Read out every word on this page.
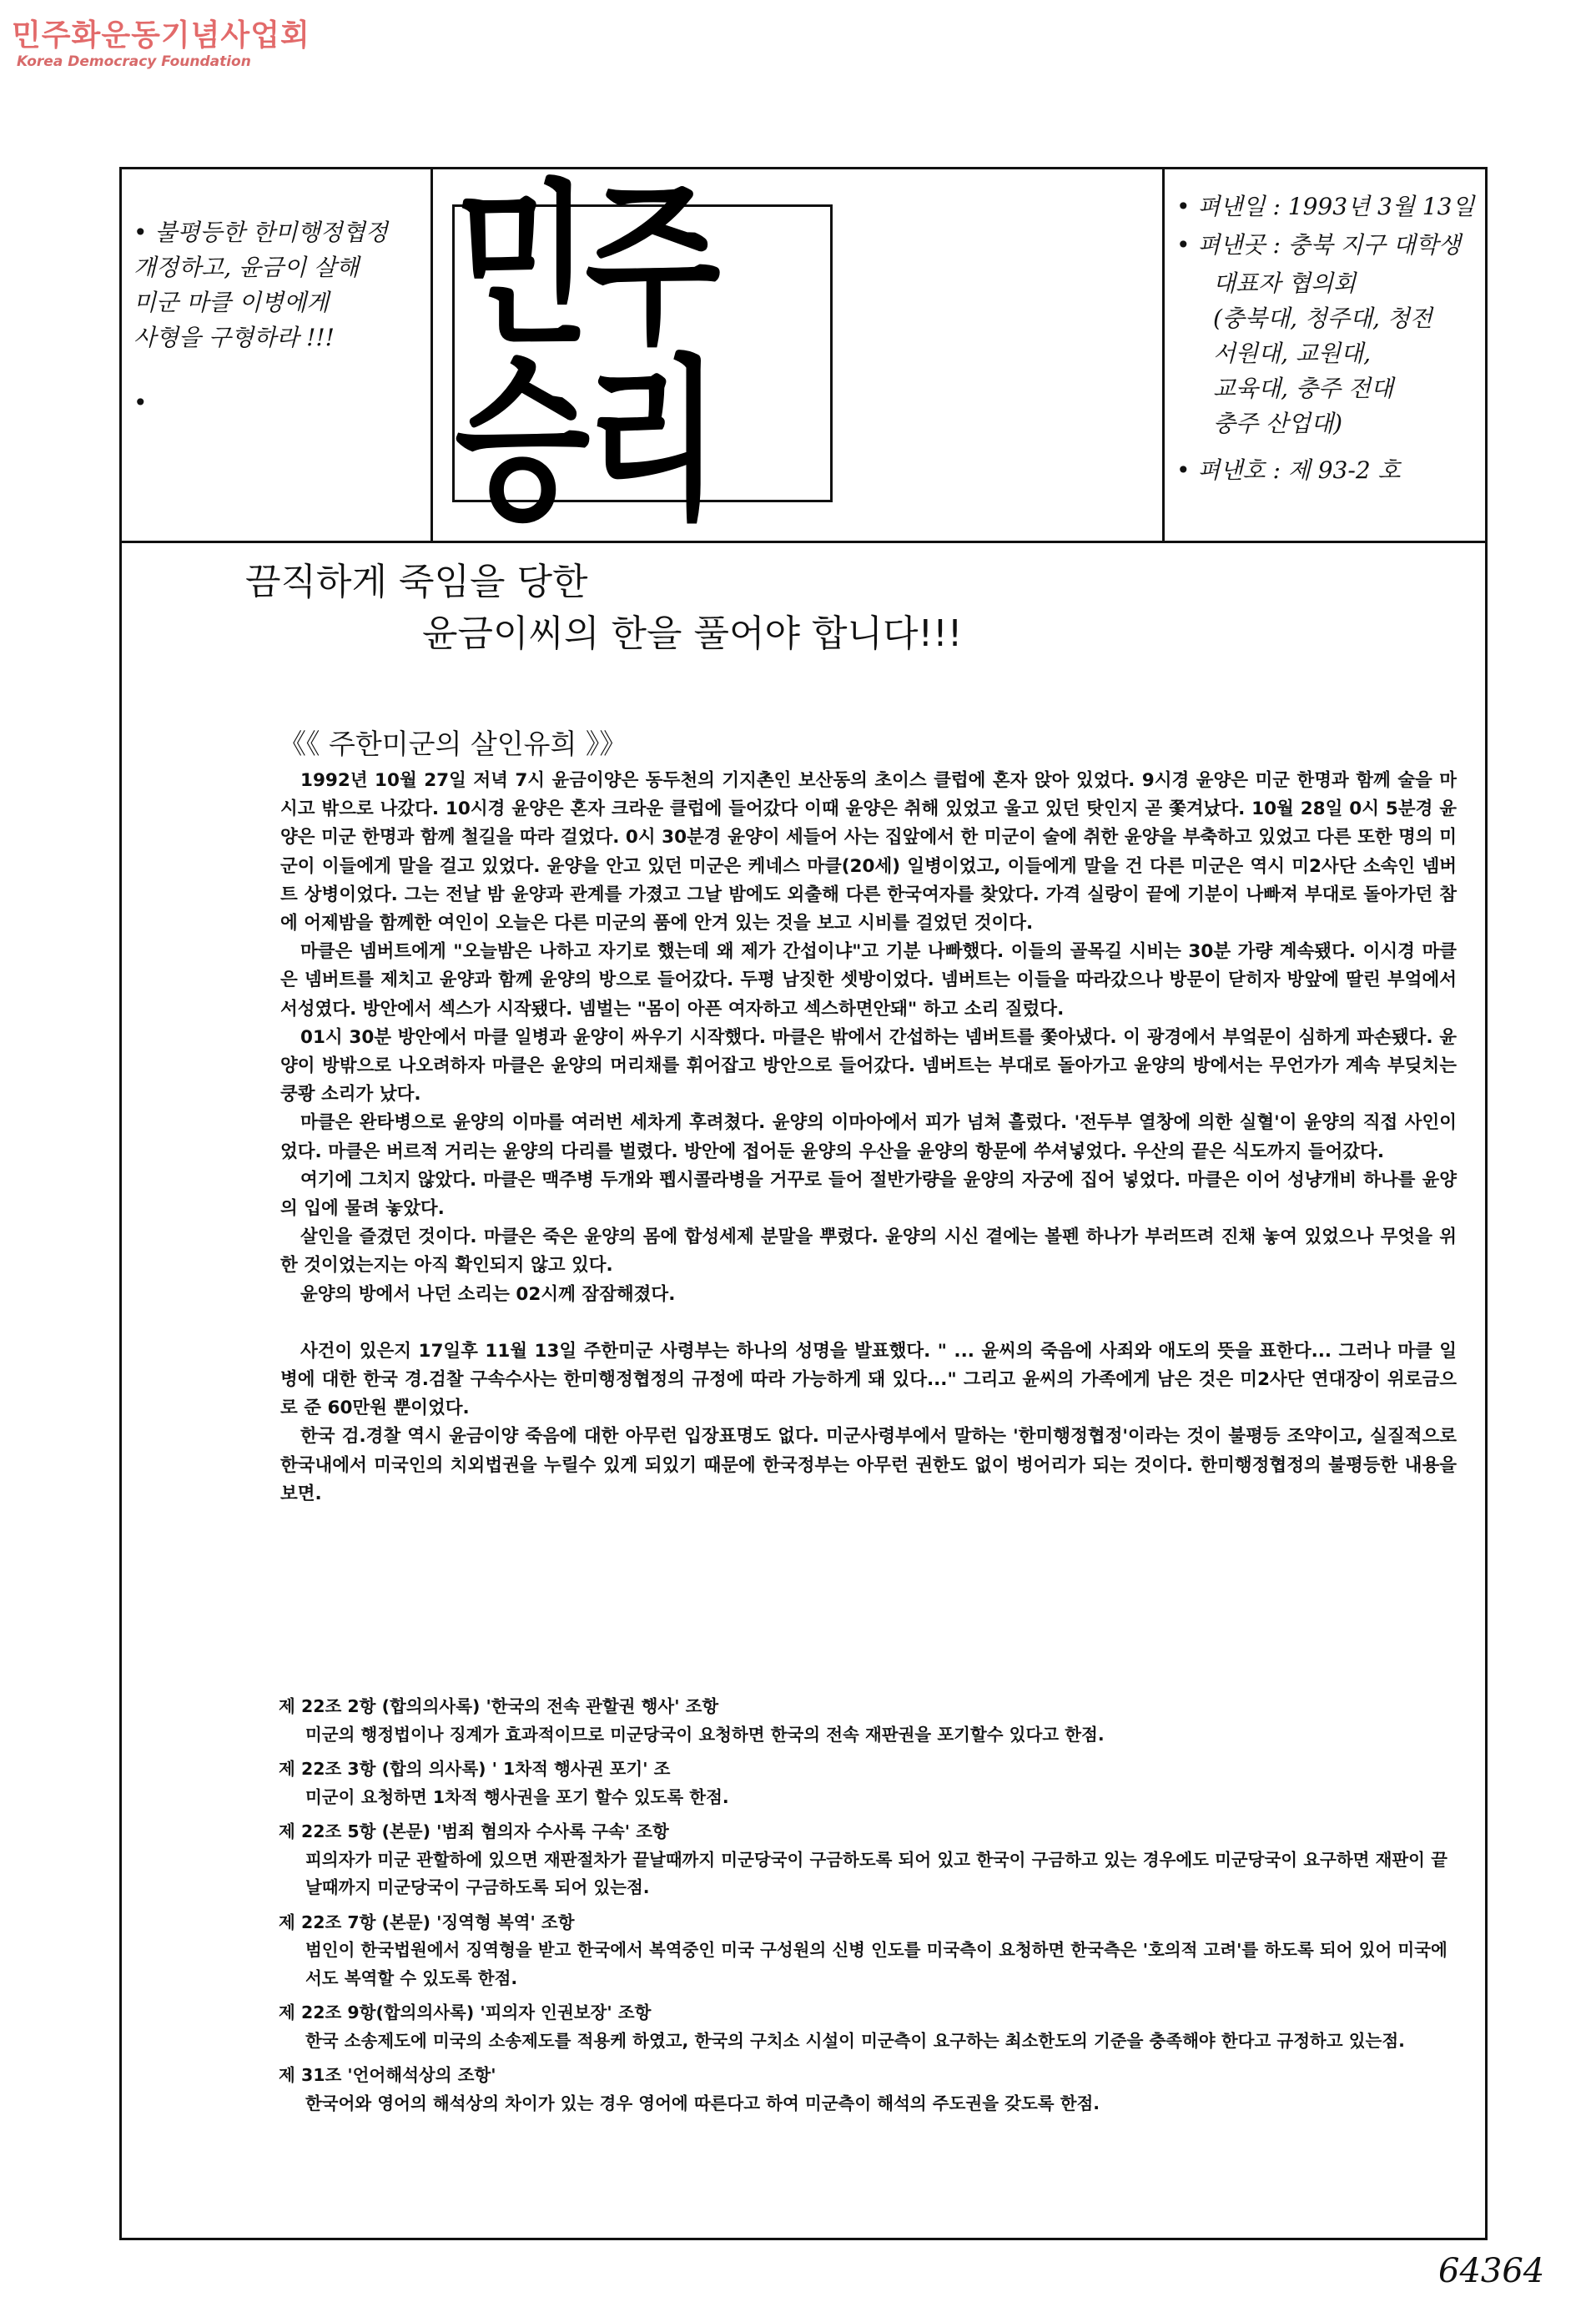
민주화운동기념사업회
Korea Democracy Foundation
• 불평등한 한미행정협정
개정하고, 윤금이 살해
미군 마클 이병에게
사형을 구형하라 !!!
•
민주승리
• 펴낸일 : 1993년 3월 13일
• 펴낸곳 : 충북 지구 대학생
대표자 협의회
(충북대, 청주대, 청전
서원대, 교원대,
교육대, 충주 전대
충주 산업대)
• 펴낸호 : 제 93-2 호
끔직하게 죽임을 당한
윤금이씨의 한을 풀어야 합니다!!!
《《 주한미군의 살인유희 》》

1992년 10월 27일 저녁 7시 윤금이양은 동두천의 기지촌인 보산동의 초이스 클럽에 혼자 앉아 있었다. 9시경 윤양은 미군 한명과 함께 술을 마시고 밖으로 나갔다. 10시경 윤양은 혼자 크라운 클럽에 들어갔다 이때 윤양은 취해 있었고 울고 있던 탓인지 곧 쫓겨났다. 10월 28일 0시 5분경 윤양은 미군 한명과 함께 철길을 따라 걸었다. 0시 30분경 윤양이 세들어 사는 집앞에서 한 미군이 술에 취한 윤양을 부축하고 있었고 다른 또한 명의 미군이 이들에게 말을 걸고 있었다. 윤양을 안고 있던 미군은 케네스 마클(20세) 일병이었고, 이들에게 말을 건 다른 미군은 역시 미2사단 소속인 넴버트 상병이었다. 그는 전날 밤 윤양과 관계를 가졌고 그날 밤에도 외출해 다른 한국여자를 찾았다. 가격 실랑이 끝에 기분이 나빠져 부대로 돌아가던 참에 어제밤을 함께한 여인이 오늘은 다른 미군의 품에 안겨 있는 것을 보고 시비를 걸었던 것이다.

마클은 넴버트에게 "오늘밤은 나하고 자기로 했는데 왜 제가 간섭이냐"고 기분 나빠했다. 이들의 골목길 시비는 30분 가량 계속됐다. 이시경 마클은 넴버트를 제치고 윤양과 함께 윤양의 방으로 들어갔다. 두평 남짓한 셋방이었다. 넴버트는 이들을 따라갔으나 방문이 닫히자 방앞에 딸린 부엌에서 서성였다. 방안에서 섹스가 시작됐다. 넴벌는 "몸이 아픈 여자하고 섹스하면안돼" 하고 소리 질렀다.

01시 30분 방안에서 마클 일병과 윤양이 싸우기 시작했다. 마클은 밖에서 간섭하는 넴버트를 쫓아냈다. 이 광경에서 부엌문이 심하게 파손됐다. 윤양이 방밖으로 나오려하자 마클은 윤양의 머리채를 휘어잡고 방안으로 들어갔다. 넴버트는 부대로 돌아가고 윤양의 방에서는 무언가가 계속 부딪치는 쿵쾅 소리가 났다.

마클은 완타병으로 윤양의 이마를 여러번 세차게 후려쳤다. 윤양의 이마아에서 피가 넘쳐 흘렀다. '전두부 열창에 의한 실혈'이 윤양의 직접 사인이었다. 마클은 버르적 거리는 윤양의 다리를 벌렸다. 방안에 접어둔 윤양의 우산을 윤양의 항문에 쑤셔넣었다. 우산의 끝은 식도까지 들어갔다.

여기에 그치지 않았다. 마클은 맥주병 두개와 펩시콜라병을 거꾸로 들어 절반가량을 윤양의 자궁에 집어 넣었다. 마클은 이어 성냥개비 하나를 윤양의 입에 물려 놓았다.

살인을 즐겼던 것이다. 마클은 죽은 윤양의 몸에 합성세제 분말을 뿌렸다. 윤양의 시신 곁에는 볼펜 하나가 부러뜨려 진채 놓여 있었으나 무엇을 위한 것이었는지는 아직 확인되지 않고 있다.

윤양의 방에서 나던 소리는 02시께 잠잠해졌다.

사건이 있은지 17일후 11월 13일 주한미군 사령부는 하나의 성명을 발표했다. " ... 윤씨의 죽음에 사죄와 애도의 뜻을 표한다... 그러나 마클 일병에 대한 한국 경.검찰 구속수사는 한미행정협정의 규정에 따라 가능하게 돼 있다..." 그리고 윤씨의 가족에게 남은 것은 미2사단 연대장이 위로금으로 준 60만원 뿐이었다.

한국 검.경찰 역시 윤금이양 죽음에 대한 아무런 입장표명도 없다. 미군사령부에서 말하는 '한미행정협정'이라는 것이 불평등 조약이고, 실질적으로 한국내에서 미국인의 치외법권을 누릴수 있게 되있기 때문에 한국정부는 아무런 권한도 없이 벙어리가 되는 것이다. 한미행정협정의 불평등한 내용을 보면.

제 22조 2항 (합의의사록) '한국의 전속 관할권 행사' 조항
미군의 행정법이나 징계가 효과적이므로 미군당국이 요청하면 한국의 전속 재판권을 포기할수 있다고 한점.
제 22조 3항 (합의 의사록) ' 1차적 행사권 포기' 조
미군이 요청하면 1차적 행사권을 포기 할수 있도록 한점.
제 22조 5항 (본문) '범죄 혐의자 수사록 구속' 조항
피의자가 미군 관할하에 있으면 재판절차가 끝날때까지 미군당국이 구금하도록 되어 있고 한국이 구금하고 있는 경우에도 미군당국이 요구하면 재판이 끝날때까지 미군당국이 구금하도록 되어 있는점.
제 22조 7항 (본문) '징역형 복역' 조항
범인이 한국법원에서 징역형을 받고 한국에서 복역중인 미국 구성원의 신병 인도를 미국측이 요청하면 한국측은 '호의적 고려'를 하도록 되어 있어 미국에서도 복역할 수 있도록 한점.
제 22조 9항(합의의사록) '피의자 인권보장' 조항
한국 소송제도에 미국의 소송제도를 적용케 하였고, 한국의 구치소 시설이 미군측이 요구하는 최소한도의 기준을 충족해야 한다고 규정하고 있는점.
제 31조 '언어해석상의 조항'
한국어와 영어의 해석상의 차이가 있는 경우 영어에 따른다고 하여 미군측이 해석의 주도권을 갖도록 한점.
64364
